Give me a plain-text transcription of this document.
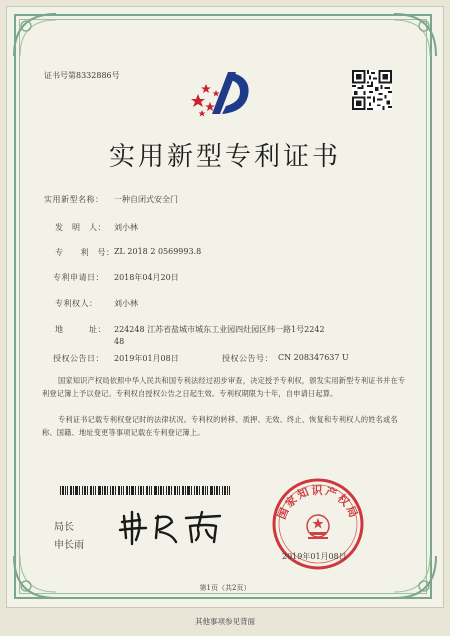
证书号第8332886号
实用新型专利证书
实用新型名称： 一种自闭式安全门
发　明　人： 刘小林
专　　利　号： ZL 2018 2 0569993.8
专利申请日： 2018年04月20日
专利权人： 刘小林
地　　　址： 224248 江苏省盐城市城东工业园四灶园区纬一路1号2242
48
授权公告日： 2019年01月08日	授权公告号： CN 208347637 U
国家知识产权局依照中华人民共和国专利法经过初步审查，决定授予专利权，颁发实用新型专利证书并在专利登记簿上予以登记。专利权自授权公告之日起生效。专利权期限为十年，自申请日起算。
专利证书记载专利权登记时的法律状况。专利权的转移、质押、无效、终止、恢复和专利权人的姓名或名称、国籍、地址变更等事项记载在专利登记簿上。
局长
申长雨
国家知识产权局
2019年01月08日
第1页（共2页）
其他事项参见背面
